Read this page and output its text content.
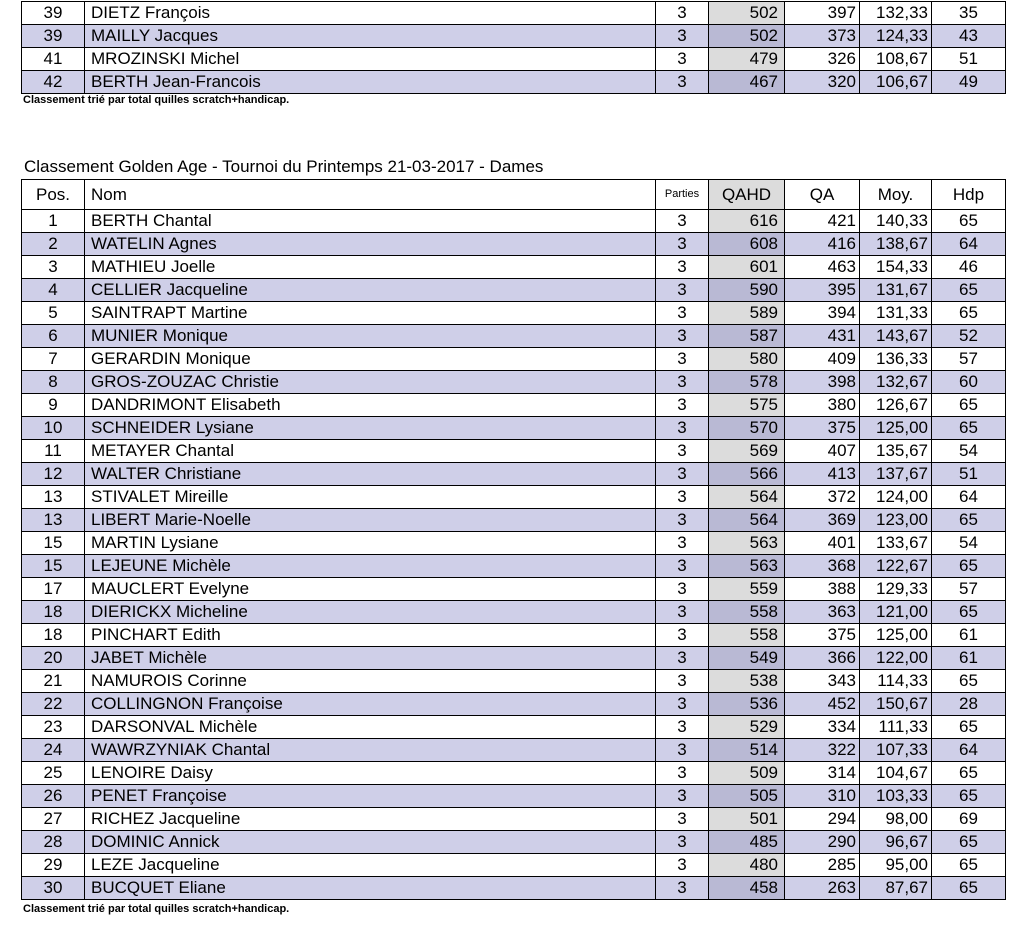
39	DIETZ François	3	502	397	132,33	35
39	MAILLY Jacques	3	502	373	124,33	43
41	MROZINSKI Michel	3	479	326	108,67	51
42	BERTH Jean-Francois	3	467	320	106,67	49
Classement trié par total quilles scratch+handicap.
Classement Golden Age - Tournoi du Printemps 21-03-2017 - Dames
Pos.	Nom	Parties	QAHD	QA	Moy.	Hdp
1	BERTH Chantal	3	616	421	140,33	65
2	WATELIN Agnes	3	608	416	138,67	64
3	MATHIEU Joelle	3	601	463	154,33	46
4	CELLIER Jacqueline	3	590	395	131,67	65
5	SAINTRAPT Martine	3	589	394	131,33	65
6	MUNIER Monique	3	587	431	143,67	52
7	GERARDIN Monique	3	580	409	136,33	57
8	GROS-ZOUZAC Christie	3	578	398	132,67	60
9	DANDRIMONT Elisabeth	3	575	380	126,67	65
10	SCHNEIDER Lysiane	3	570	375	125,00	65
11	METAYER Chantal	3	569	407	135,67	54
12	WALTER Christiane	3	566	413	137,67	51
13	STIVALET Mireille	3	564	372	124,00	64
13	LIBERT Marie-Noelle	3	564	369	123,00	65
15	MARTIN Lysiane	3	563	401	133,67	54
15	LEJEUNE Michèle	3	563	368	122,67	65
17	MAUCLERT Evelyne	3	559	388	129,33	57
18	DIERICKX Micheline	3	558	363	121,00	65
18	PINCHART Edith	3	558	375	125,00	61
20	JABET Michèle	3	549	366	122,00	61
21	NAMUROIS Corinne	3	538	343	114,33	65
22	COLLINGNON Françoise	3	536	452	150,67	28
23	DARSONVAL Michèle	3	529	334	111,33	65
24	WAWRZYNIAK Chantal	3	514	322	107,33	64
25	LENOIRE Daisy	3	509	314	104,67	65
26	PENET Françoise	3	505	310	103,33	65
27	RICHEZ Jacqueline	3	501	294	98,00	69
28	DOMINIC Annick	3	485	290	96,67	65
29	LEZE Jacqueline	3	480	285	95,00	65
30	BUCQUET Eliane	3	458	263	87,67	65
Classement trié par total quilles scratch+handicap.
